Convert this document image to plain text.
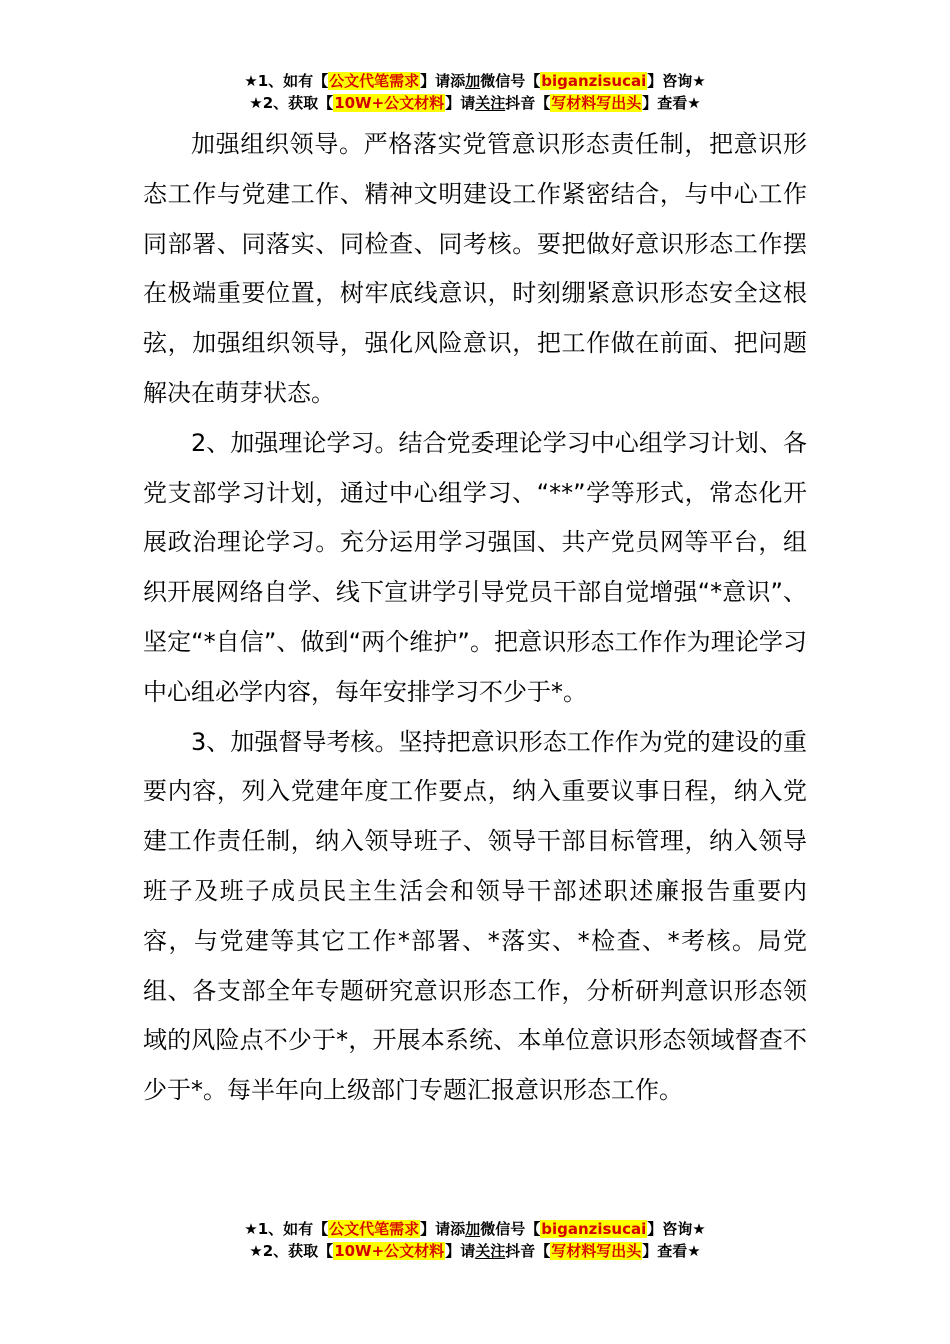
★1、如有【公文代笔需求】请添加微信号【biganzisucai】咨询★
★2、获取【10W+公文材料】请关注抖音【写材料写出头】查看★

加强组织领导。严格落实党管意识形态责任制，把意识形态工作与党建工作、精神文明建设工作紧密结合，与中心工作同部署、同落实、同检查、同考核。要把做好意识形态工作摆在极端重要位置，树牢底线意识，时刻绷紧意识形态安全这根弦，加强组织领导，强化风险意识，把工作做在前面、把问题解决在萌芽状态。

2、加强理论学习。结合党委理论学习中心组学习计划、各党支部学习计划，通过中心组学习、“**”学等形式，常态化开展政治理论学习。充分运用学习强国、共产党员网等平台，组织开展网络自学、线下宣讲学引导党员干部自觉增强“*意识”、坚定“*自信”、做到“两个维护”。把意识形态工作作为理论学习中心组必学内容，每年安排学习不少于*。

3、加强督导考核。坚持把意识形态工作作为党的建设的重要内容，列入党建年度工作要点，纳入重要议事日程，纳入党建工作责任制，纳入领导班子、领导干部目标管理，纳入领导班子及班子成员民主生活会和领导干部述职述廉报告重要内容，与党建等其它工作*部署、*落实、*检查、*考核。局党组、各支部全年专题研究意识形态工作，分析研判意识形态领域的风险点不少于*，开展本系统、本单位意识形态领域督查不少于*。每半年向上级部门专题汇报意识形态工作。

★1、如有【公文代笔需求】请添加微信号【biganzisucai】咨询★
★2、获取【10W+公文材料】请关注抖音【写材料写出头】查看★
